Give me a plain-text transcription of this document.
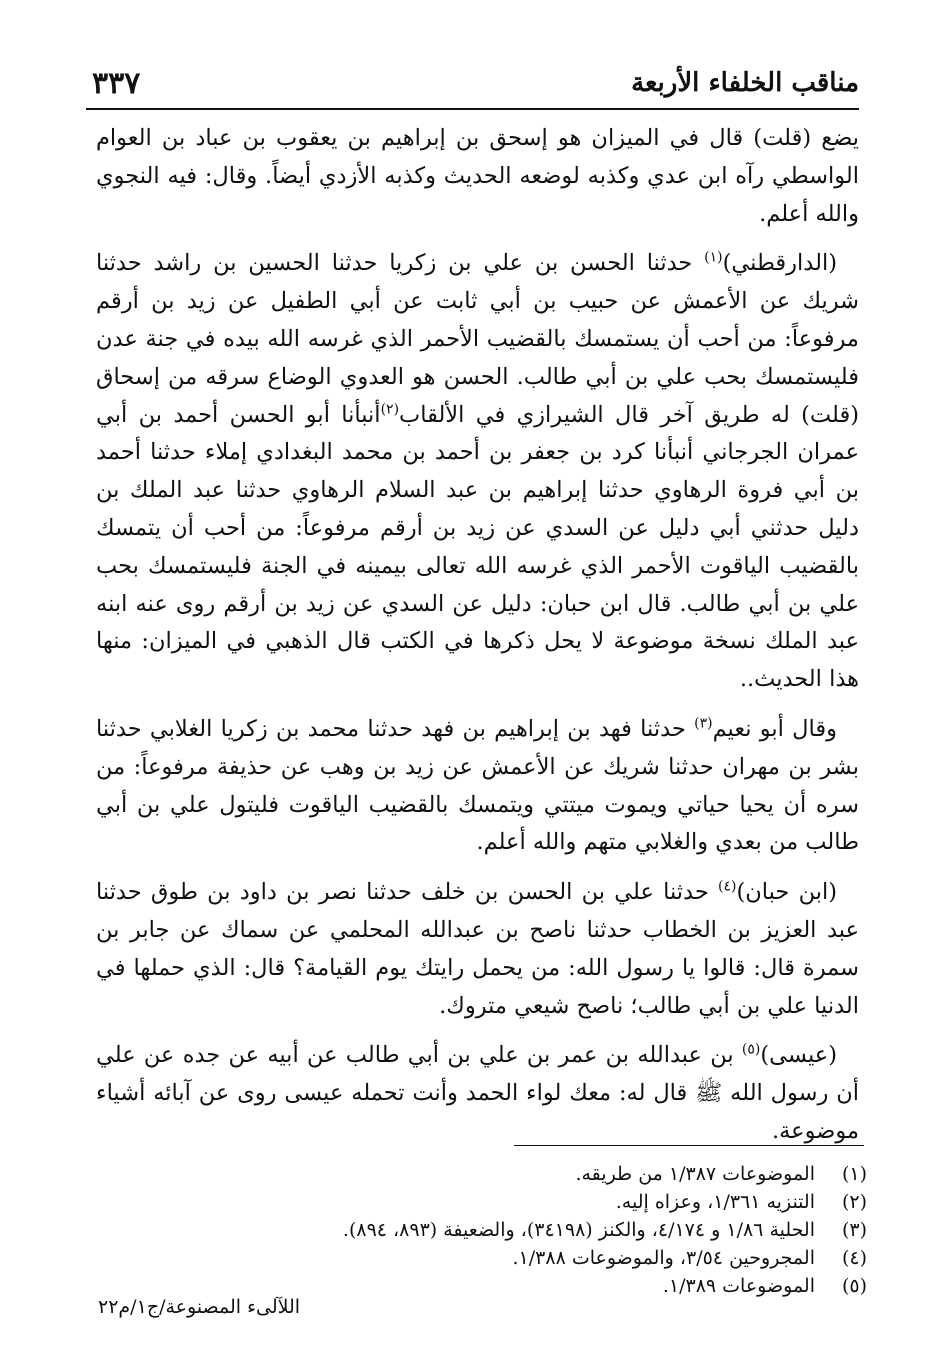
مناقب الخلفاء الأربعة
٣٣٧

يضع (قلت) قال في الميزان هو إسحق بن إبراهيم بن يعقوب بن عباد بن العوام الواسطي رآه ابن عدي وكذبه لوضعه الحديث وكذبه الأزدي أيضاً. وقال: فيه النجوي والله أعلم.

(الدارقطني)$^{(١)}$ حدثنا الحسن بن علي بن زكريا حدثنا الحسين بن راشد حدثنا شريك عن الأعمش عن حبيب بن أبي ثابت عن أبي الطفيل عن زيد بن أرقم مرفوعاً: من أحب أن يستمسك بالقضيب الأحمر الذي غرسه الله بيده في جنة عدن فليستمسك بحب علي بن أبي طالب. الحسن هو العدوي الوضاع سرقه من إسحاق (قلت) له طريق آخر قال الشيرازي في الألقاب$^{(٢)}$أنبأنا أبو الحسن أحمد بن أبي عمران الجرجاني أنبأنا كرد بن جعفر بن أحمد بن محمد البغدادي إملاء حدثنا أحمد بن أبي فروة الرهاوي حدثنا إبراهيم بن عبد السلام الرهاوي حدثنا عبد الملك بن دليل حدثني أبي دليل عن السدي عن زيد بن أرقم مرفوعاً: من أحب أن يتمسك بالقضيب الياقوت الأحمر الذي غرسه الله تعالى بيمينه في الجنة فليستمسك بحب علي بن أبي طالب. قال ابن حبان: دليل عن السدي عن زيد بن أرقم روى عنه ابنه عبد الملك نسخة موضوعة لا يحل ذكرها في الكتب قال الذهبي في الميزان: منها هذا الحديث..

وقال أبو نعيم$^{(٣)}$ حدثنا فهد بن إبراهيم بن فهد حدثنا محمد بن زكريا الغلابي حدثنا بشر بن مهران حدثنا شريك عن الأعمش عن زيد بن وهب عن حذيفة مرفوعاً: من سره أن يحيا حياتي ويموت ميتتي ويتمسك بالقضيب الياقوت فليتول علي بن أبي طالب من بعدي والغلابي متهم والله أعلم.

(ابن حبان)$^{(٤)}$ حدثنا علي بن الحسن بن خلف حدثنا نصر بن داود بن طوق حدثنا عبد العزيز بن الخطاب حدثنا ناصح بن عبدالله المحلمي عن سماك عن جابر بن سمرة قال: قالوا يا رسول الله: من يحمل رايتك يوم القيامة؟ قال: الذي حملها في الدنيا علي بن أبي طالب؛ ناصح شيعي متروك.

(عيسى)$^{(٥)}$ بن عبدالله بن عمر بن علي بن أبي طالب عن أبيه عن جده عن علي أن رسول الله ﷺ قال له: معك لواء الحمد وأنت تحمله عيسى روى عن آبائه أشياء موضوعة.

(١)الموضوعات ١/٣٨٧ من طريقه.
(٢)التنزيه ١/٣٦١، وعزاه إليه.
(٣)الحلية ١/٨٦ و ٤/١٧٤، والكنز (٣٤١٩٨)، والضعيفة (٨٩٣، ٨٩٤).
(٤)المجروحين ٣/٥٤، والموضوعات ١/٣٨٨.
(٥)الموضوعات ١/٣٨٩.
اللآلىء المصنوعة/ج١/م٢٢
